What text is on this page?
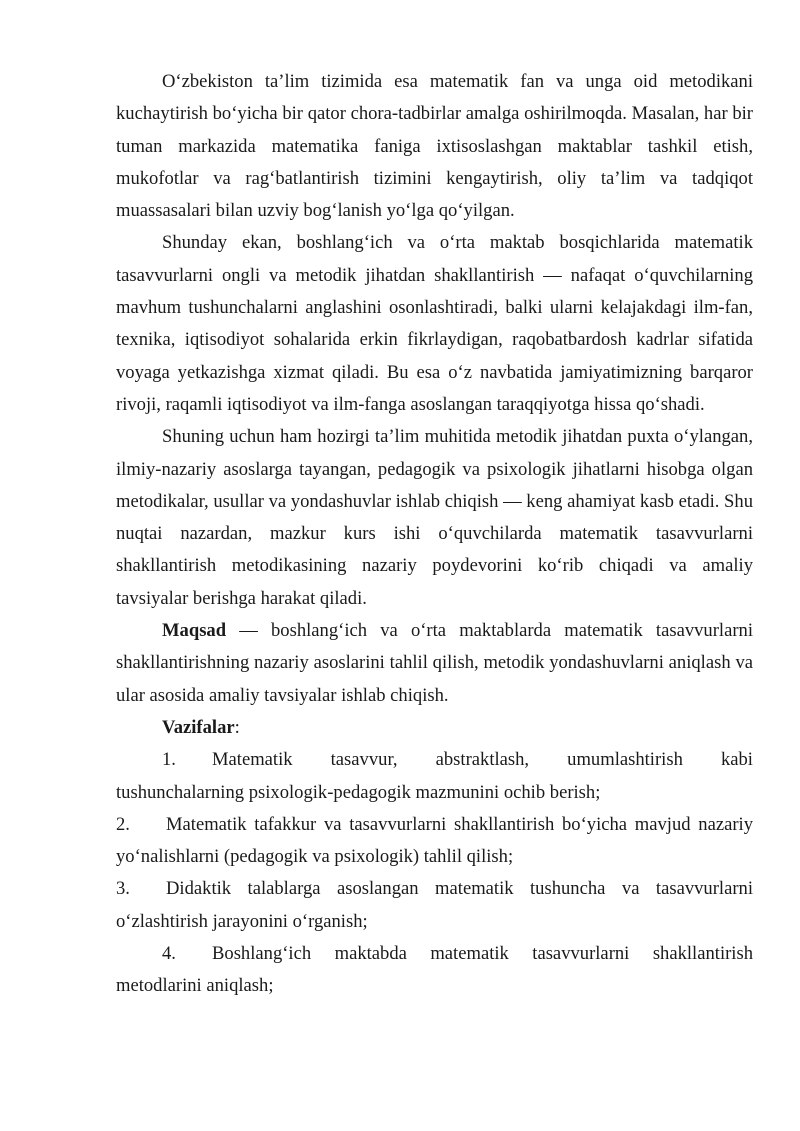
O‘zbekiston ta’lim tizimida esa matematik fan va unga oid metodikani kuchaytirish bo‘yicha bir qator chora-tadbirlar amalga oshirilmoqda. Masalan, har bir tuman markazida matematika faniga ixtisoslashgan maktablar tashkil etish, mukofotlar va rag‘batlantirish tizimini kengaytirish, oliy ta’lim va tadqiqot muassasalari bilan uzviy bog‘lanish yo‘lga qo‘yilgan.

Shunday ekan, boshlang‘ich va o‘rta maktab bosqichlarida matematik tasavvurlarni ongli va metodik jihatdan shakllantirish — nafaqat o‘quvchilarning mavhum tushunchalarni anglashini osonlashtiradi, balki ularni kelajakdagi ilm-fan, texnika, iqtisodiyot sohalarida erkin fikrlaydigan, raqobatbardosh kadrlar sifatida voyaga yetkazishga xizmat qiladi. Bu esa o‘z navbatida jamiyatimizning barqaror rivoji, raqamli iqtisodiyot va ilm-fanga asoslangan taraqqiyotga hissa qo‘shadi.

Shuning uchun ham hozirgi ta’lim muhitida metodik jihatdan puxta o‘ylangan, ilmiy-nazariy asoslarga tayangan, pedagogik va psixologik jihatlarni hisobga olgan metodikalar, usullar va yondashuvlar ishlab chiqish — keng ahamiyat kasb etadi. Shu nuqtai nazardan, mazkur kurs ishi o‘quvchilarda matematik tasavvurlarni shakllantirish metodikasining nazariy poydevorini ko‘rib chiqadi va amaliy tavsiyalar berishga harakat qiladi.

Maqsad — boshlang‘ich va o‘rta maktablarda matematik tasavvurlarni shakllantirishning nazariy asoslarini tahlil qilish, metodik yondashuvlarni aniqlash va ular asosida amaliy tavsiyalar ishlab chiqish.

Vazifalar:

1.	Matematik tasavvur, abstraktlash, umumlashtirish kabi
tushunchalarning psixologik-pedagogik mazmunini ochib berish;

2. Matematik tafakkur va tasavvurlarni shakllantirish bo‘yicha mavjud nazariy yo‘nalishlarni (pedagogik va psixologik) tahlil qilish;

3. Didaktik talablarga asoslangan matematik tushuncha va tasavvurlarni o‘zlashtirish jarayonini o‘rganish;

4.	Boshlang‘ich maktabda matematik tasavvurlarni shakllantirish
metodlarini aniqlash;
